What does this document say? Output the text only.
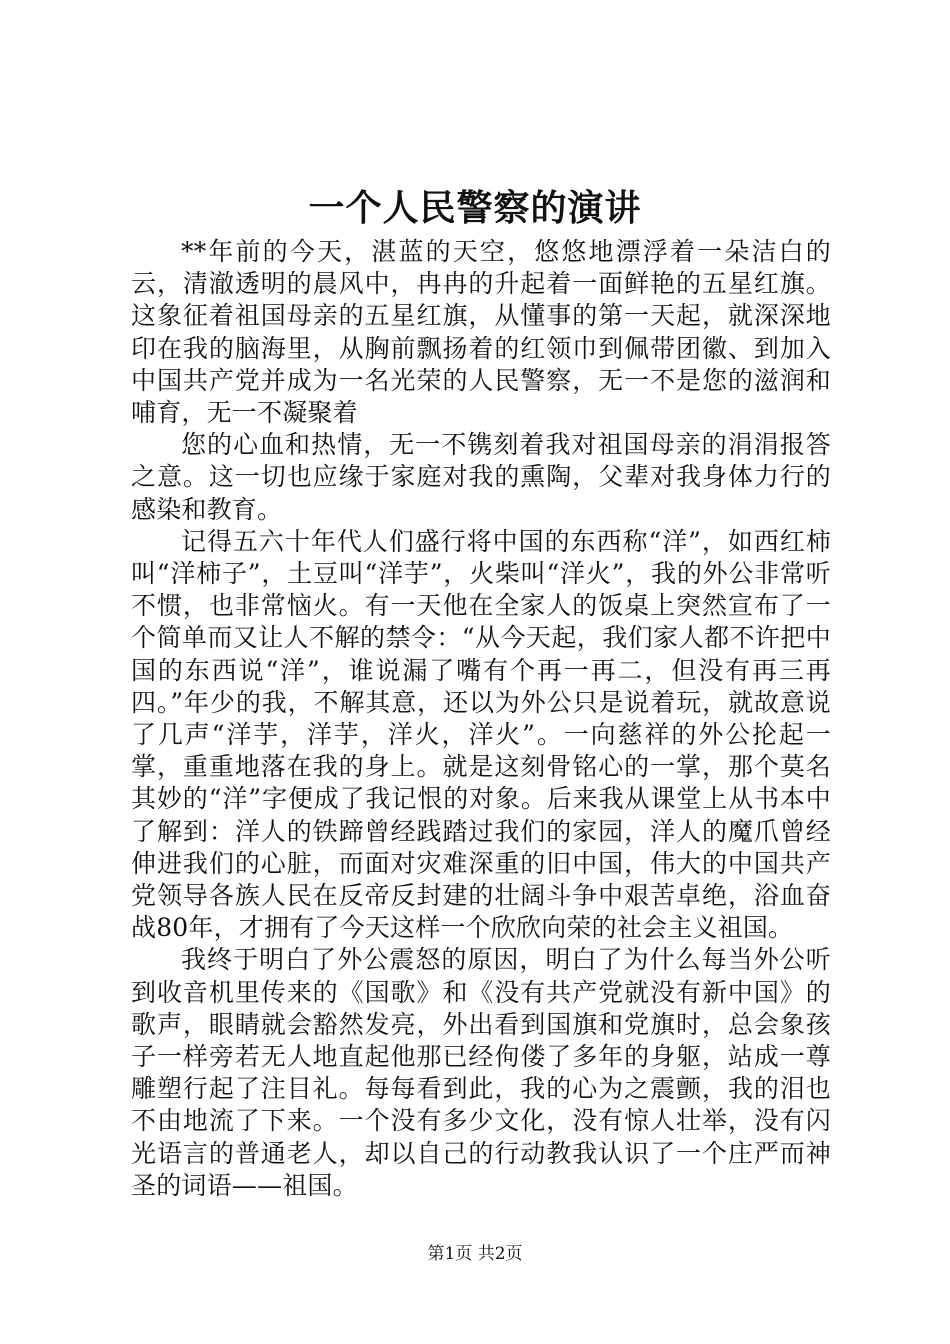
一个人民警察的演讲

**年前的今天，湛蓝的天空，悠悠地漂浮着一朵洁白的云，清澈透明的晨风中，冉冉的升起着一面鲜艳的五星红旗。这象征着祖国母亲的五星红旗，从懂事的第一天起，就深深地印在我的脑海里，从胸前飘扬着的红领巾到佩带团徽、到加入中国共产党并成为一名光荣的人民警察，无一不是您的滋润和哺育，无一不凝聚着

您的心血和热情，无一不镌刻着我对祖国母亲的涓涓报答之意。这一切也应缘于家庭对我的熏陶，父辈对我身体力行的感染和教育。

记得五六十年代人们盛行将中国的东西称“洋”，如西红柿叫“洋柿子”，土豆叫“洋芋”，火柴叫“洋火”，我的外公非常听不惯，也非常恼火。有一天他在全家人的饭桌上突然宣布了一个简单而又让人不解的禁令：“从今天起，我们家人都不许把中国的东西说“洋”，谁说漏了嘴有个再一再二，但没有再三再四。”年少的我，不解其意，还以为外公只是说着玩，就故意说了几声“洋芋，洋芋，洋火，洋火”。一向慈祥的外公抡起一掌，重重地落在我的身上。就是这刻骨铭心的一掌，那个莫名其妙的“洋”字便成了我记恨的对象。后来我从课堂上从书本中了解到：洋人的铁蹄曾经践踏过我们的家园，洋人的魔爪曾经伸进我们的心脏，而面对灾难深重的旧中国，伟大的中国共产党领导各族人民在反帝反封建的壮阔斗争中艰苦卓绝，浴血奋战80年，才拥有了今天这样一个欣欣向荣的社会主义祖国。

我终于明白了外公震怒的原因，明白了为什么每当外公听到收音机里传来的《国歌》和《没有共产党就没有新中国》的歌声，眼睛就会豁然发亮，外出看到国旗和党旗时，总会象孩子一样旁若无人地直起他那已经佝偻了多年的身躯，站成一尊雕塑行起了注目礼。每每看到此，我的心为之震颤，我的泪也不由地流了下来。一个没有多少文化，没有惊人壮举，没有闪光语言的普通老人，却以自己的行动教我认识了一个庄严而神圣的词语——祖国。

第1页 共2页
